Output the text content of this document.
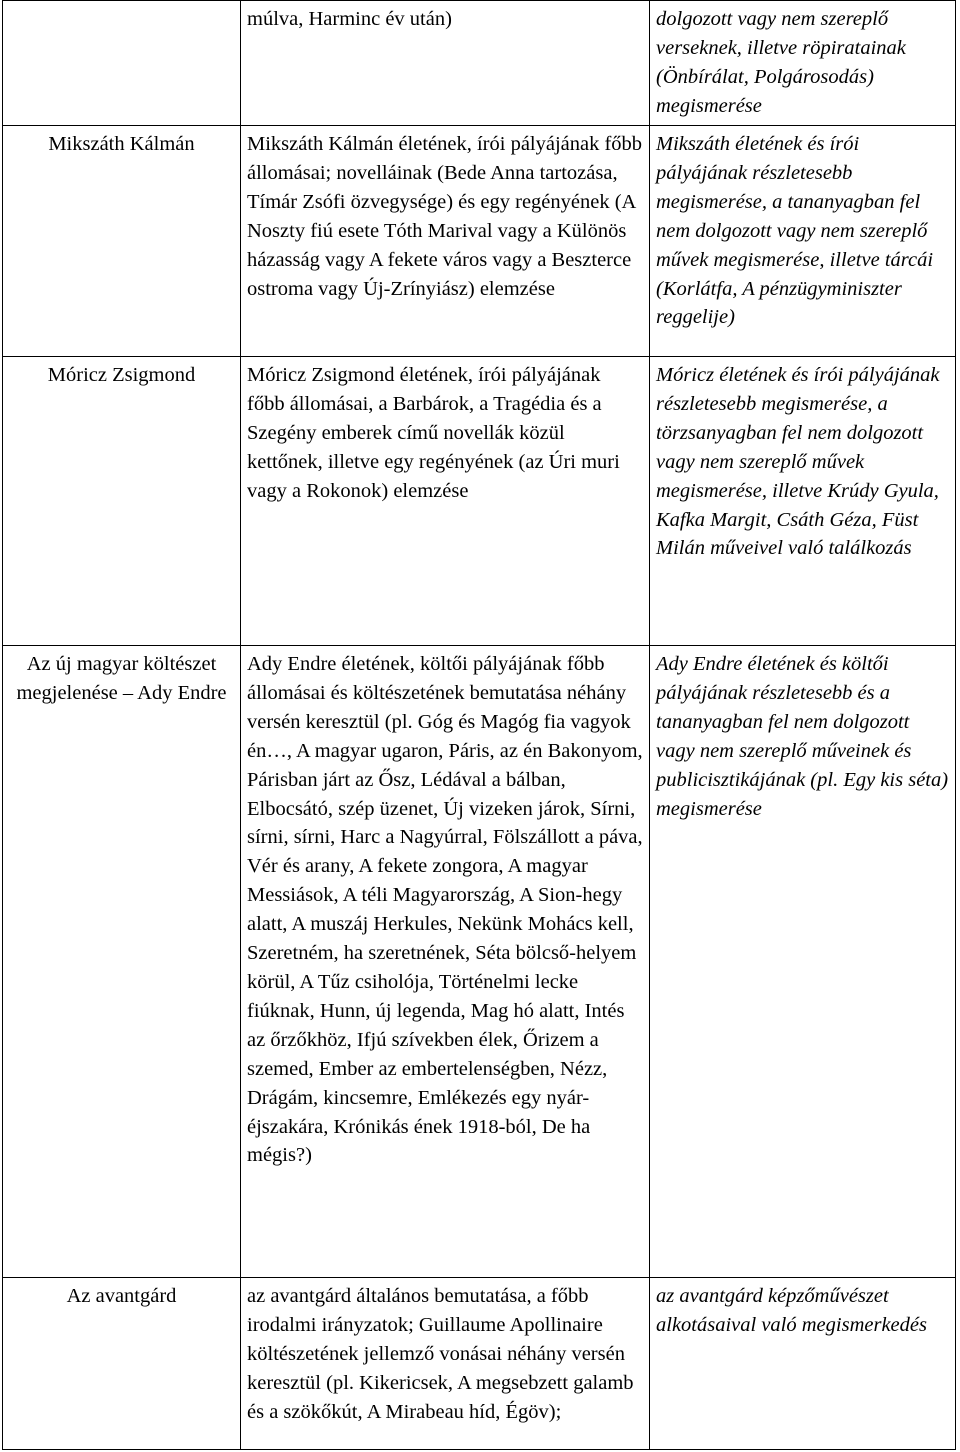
	múlva, Harminc év után)	dolgozott vagy nem szereplő verseknek, illetve röpiratainak (Önbírálat, Polgárosodás) megismerése
Mikszáth Kálmán	Mikszáth Kálmán életének, írói pályájának főbb állomásai; novelláinak (Bede Anna tartozása, Tímár Zsófi özvegysége) és egy regényének (A Noszty fiú esete Tóth Marival vagy a Különös házasság vagy A fekete város vagy a Beszterce ostroma vagy Új-Zrínyiász) elemzése	Mikszáth életének és írói pályájának részletesebb megismerése, a tananyagban fel nem dolgozott vagy nem szereplő művek megismerése, illetve tárcái (Korlátfa, A pénzügyminiszter reggelije)
Móricz Zsigmond	Móricz Zsigmond életének, írói pályájának főbb állomásai, a Barbárok, a Tragédia és a Szegény emberek című novellák közül kettőnek, illetve egy regényének (az Úri muri vagy a Rokonok) elemzése	Móricz életének és írói pályájának részletesebb megismerése, a törzsanyagban fel nem dolgozott vagy nem szereplő művek megismerése, illetve Krúdy Gyula, Kafka Margit, Csáth Géza, Füst Milán műveivel való találkozás
Az új magyar költészet megjelenése – Ady Endre	Ady Endre életének, költői pályájának főbb állomásai és költészetének bemutatása néhány versén keresztül (pl. Góg és Magóg fia vagyok én…, A magyar ugaron, Páris, az én Bakonyom, Párisban járt az Ősz, Lédával a bálban, Elbocsátó, szép üzenet, Új vizeken járok, Sírni, sírni, sírni, Harc a Nagyúrral, Fölszállott a páva, Vér és arany, A fekete zongora, A magyar Messiások, A téli Magyarország, A Sion-hegy alatt, A muszáj Herkules, Nekünk Mohács kell, Szeretném, ha szeretnének, Séta bölcső-helyem körül, A Tűz csiholója, Történelmi lecke fiúknak, Hunn, új legenda, Mag hó alatt, Intés az őrzőkhöz, Ifjú szívekben élek, Őrizem a szemed, Ember az embertelenségben, Nézz, Drágám, kincsemre, Emlékezés egy nyár-éjszakára, Krónikás ének 1918-ból, De ha mégis?)	Ady Endre életének és költői pályájának részletesebb és a tananyagban fel nem dolgozott vagy nem szereplő műveinek és publicisztikájának (pl. Egy kis séta) megismerése
Az avantgárd	az avantgárd általános bemutatása, a főbb irodalmi irányzatok; Guillaume Apollinaire költészetének jellemző vonásai néhány versén keresztül (pl. Kikericsek, A megsebzett galamb és a szökőkút, A Mirabeau híd, Égöv);	az avantgárd képzőművészet alkotásaival való megismerkedés
